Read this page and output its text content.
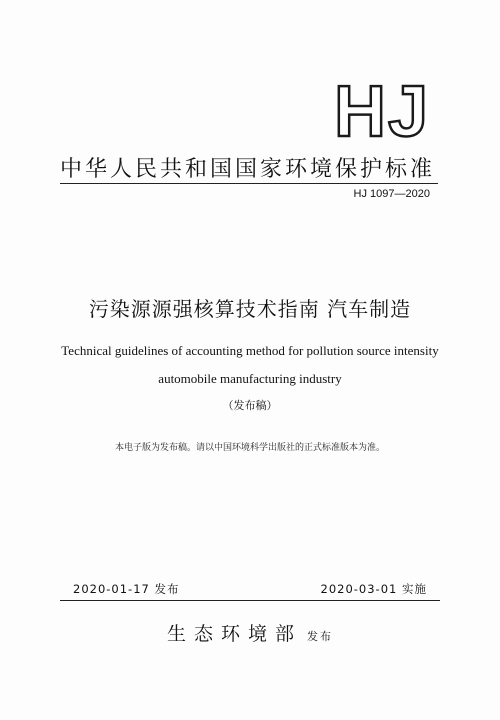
HJ
中华人民共和国国家环境保护标准
HJ 1097—2020
污染源源强核算技术指南 汽车制造
Technical guidelines of accounting method for pollution source intensity
automobile manufacturing industry
（发布稿）
本电子版为发布稿。请以中国环境科学出版社的正式标准版本为准。
2020-01-17 发布	2020-03-01 实施
生态环境部 发布
